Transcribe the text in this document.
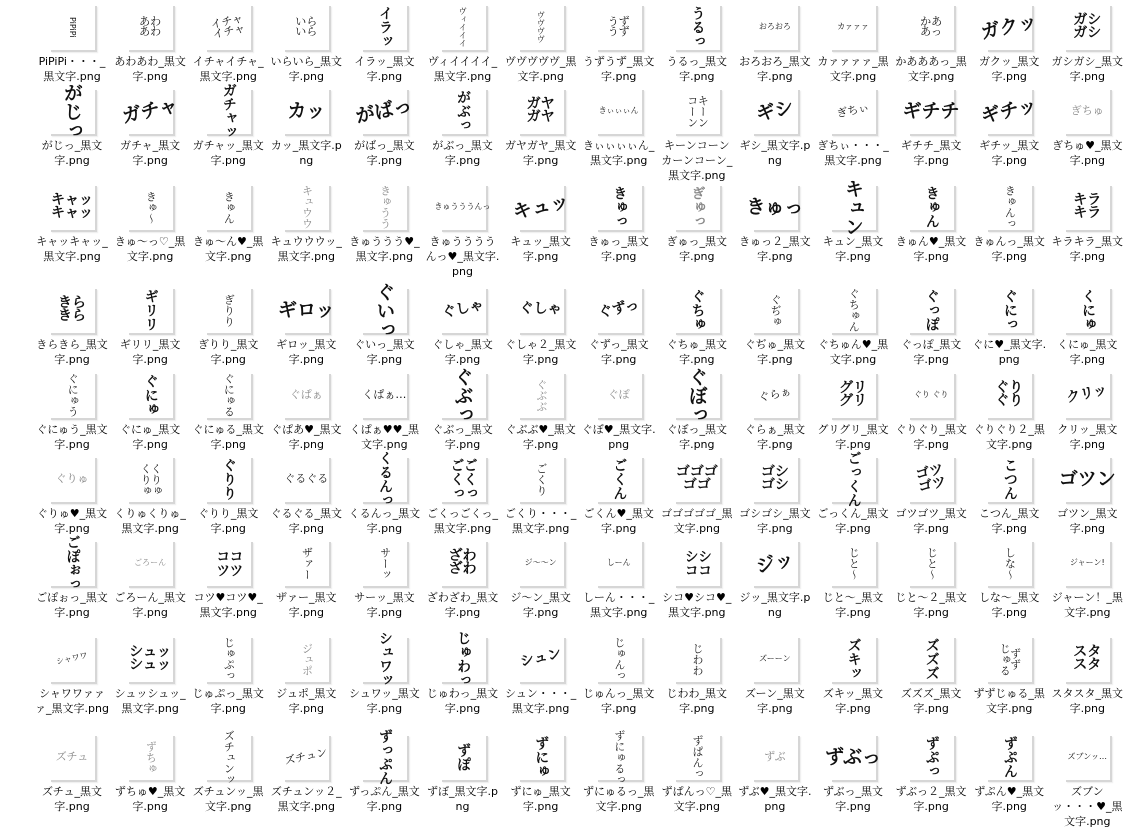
PiPiPi
PiPiPi・・・_黒文字.png
あわ
あわ
あわあわ_黒文字.png
イチャ
イチャ
イチャイチャ_黒文字.png
いら
いら
いらいら_黒文字.png
イラッ
イラッ_黒文字.png
ヴィイイイ
ヴィイイイイ_黒文字.png
ヴヴヴヴ
ヴヴヴヴヴ_黒文字.png
うず
うず
うずうず_黒文字.png
うるっ
うるっ_黒文字.png
おろおろ
おろおろ_黒文字.png
カァァァ
カァァァァ_黒文字.png
かあ
あっ
かあああっ_黒文字.png
ガクッ
ガクッ_黒文字.png
ガシ
ガシ
ガシガシ_黒文字.png
がじっ
がじっ_黒文字.png
ガチャ
ガチャ_黒文字.png
ガチャッ
ガチャッ_黒文字.png
カッ
カッ_黒文字.png
がばっ
がばっ_黒文字.png
がぶっ
がぶっ_黒文字.png
ガヤ
ガヤ
ガヤガヤ_黒文字.png
きぃぃぃん
きぃぃぃぃん_黒文字.png
キーン
コーン
キーンコーンカーンコーン_黒文字.png
ギシ
ギシ_黒文字.png
ぎちぃ
ぎちぃ・・・_黒文字.png
ギチチ
ギチチ_黒文字.png
ギチッ
ギチッ_黒文字.png
ぎちゅ
ぎちゅ♥_黒文字.png
キャッ
キャッ
キャッキャッ_黒文字.png
きゅ～
きゅ～っ♡_黒文字.png
きゅん
きゅ～ん♥_黒文字.png
キュウウ
キュウウウッ_黒文字.png
きゅうう
きゅううう♥_黒文字.png
きゅうううんっ
きゅううううんっ♥_黒文字.png
キュッ
キュッ_黒文字.png
きゅっ
きゅっ_黒文字.png
ぎゅっ
ぎゅっ_黒文字.png
きゅっ
きゅっ２_黒文字.png
キュン
キュン_黒文字.png
きゅん
きゅん♥_黒文字.png
きゅんっ
きゅんっ_黒文字.png
キラ
キラ
キラキラ_黒文字.png
きら
きら
きらきら_黒文字.png
ギリリ
ギリリ_黒文字.png
ぎりり
ぎりり_黒文字.png
ギロッ
ギロッ_黒文字.png
ぐいっ
ぐいっ_黒文字.png
ぐしゃ
ぐしゃ_黒文字.png
ぐしゃ
ぐしゃ２_黒文字.png
ぐずっ
ぐずっ_黒文字.png
ぐちゅ
ぐちゅ_黒文字.png
ぐぢゅ
ぐぢゅ_黒文字.png
ぐちゅん
ぐちゅん♥_黒文字.png
ぐっぽ
ぐっぽ_黒文字.png
ぐにっ
ぐに♥_黒文字.png
くにゅ
くにゅ_黒文字.png
ぐにゅう
ぐにゅう_黒文字.png
ぐにゅ
ぐにゅ_黒文字.png
ぐにゅる
ぐにゅる_黒文字.png
ぐぱぁ
ぐぱあ♥_黒文字.png
くぱぁ…
くぱぁ♥♥_黒文字.png
ぐぶっ
ぐぶっ_黒文字.png
ぐぶぶ
ぐぶぶ♥_黒文字.png
ぐぽ
ぐぼ♥_黒文字.png
ぐぼっ
ぐぼっ_黒文字.png
ぐらぁ
ぐらぁ_黒文字.png
グリ
グリ
グリグリ_黒文字.png
ぐり ぐり
ぐりぐり_黒文字.png
ぐり
ぐり
ぐりぐり２_黒文字.png
クリッ
クリッ_黒文字.png
ぐりゅ
ぐりゅ♥_黒文字.png
くりゅ
くりゅ
くりゅくりゅ_黒文字.png
ぐりり
ぐりり_黒文字.png
ぐるぐる
ぐるぐる_黒文字.png
くるんっ
くるんっ_黒文字.png
ごくっ
ごくっ
ごくっごくっ_黒文字.png
ごくり
ごくり・・・_黒文字.png
ごくん
ごくん♥_黒文字.png
ゴゴゴ
ゴゴ
ゴゴゴゴゴ_黒文字.png
ゴシ
ゴシ
ゴシゴシ_黒文字.png
ごっくん
ごっくん_黒文字.png
ゴツ
ゴツ
ゴツゴツ_黒文字.png
こつん
こつん_黒文字.png
ゴツン
ゴツン_黒文字.png
ごぽぉっ
ごぽぉっ_黒文字.png
ごろーん
ごろーん_黒文字.png
コツ
コツ
コツ♥コツ♥_黒文字.png
ザァー
ザァー_黒文字.png
サーッ
サーッ_黒文字.png
ざわ
ざわ
ざわざわ_黒文字.png
ジ～～ン
ジ～ン_黒文字.png
しーん
しーん・・・_黒文字.png
シコ
シコ
シコ♥シコ♥_黒文字.png
ジッ
ジッ_黒文字.png
じと～
じと～_黒文字.png
じと～
じと～２_黒文字.png
しな～
しな～_黒文字.png
ジャーン!
ジャーン！_黒文字.png
シャワワ
シャワワァァァ_黒文字.png
シュッ
シュッ
シュッシュッ_黒文字.png
じゅぷっ
じゅぷっ_黒文字.png
ジュポ
ジュポ_黒文字.png
シュワッ
シュワッ_黒文字.png
じゅわっ
じゅわっ_黒文字.png
シュン
シュン・・・_黒文字.png
じゅんっ
じゅんっ_黒文字.png
じわわ
じわわ_黒文字.png
ズーーン
ズーン_黒文字.png
ズキッ
ズキッ_黒文字.png
ズズズ
ズズズ_黒文字.png
ずず
じゅる
ずずじゅる_黒文字.png
スタ
スタ
スタスタ_黒文字.png
ズチュ
ズチュ_黒文字.png
ずちゅ
ずちゅ♥_黒文字.png
ズチュンッ
ズチュンッ_黒文字.png
ズチュン
ズチュンッ２_黒文字.png
ずっぷん
ずっぷん_黒文字.png
ずぽ
ずぼ_黒文字.png
ずにゅ
ずにゅ_黒文字.png
ずにゅるっ
ずにゅるっ_黒文字.png
ずぱんっ
ずぱんっ♡_黒文字.png
ずぶ
ずぶ♥_黒文字.png
ずぶっ
ずぶっ_黒文字.png
ずぷっ
ずぶっ２_黒文字.png
ずぷん
ずぷん♥_黒文字.png
ズブンッ…
ズブンッ・・・♥_黒文字.png
